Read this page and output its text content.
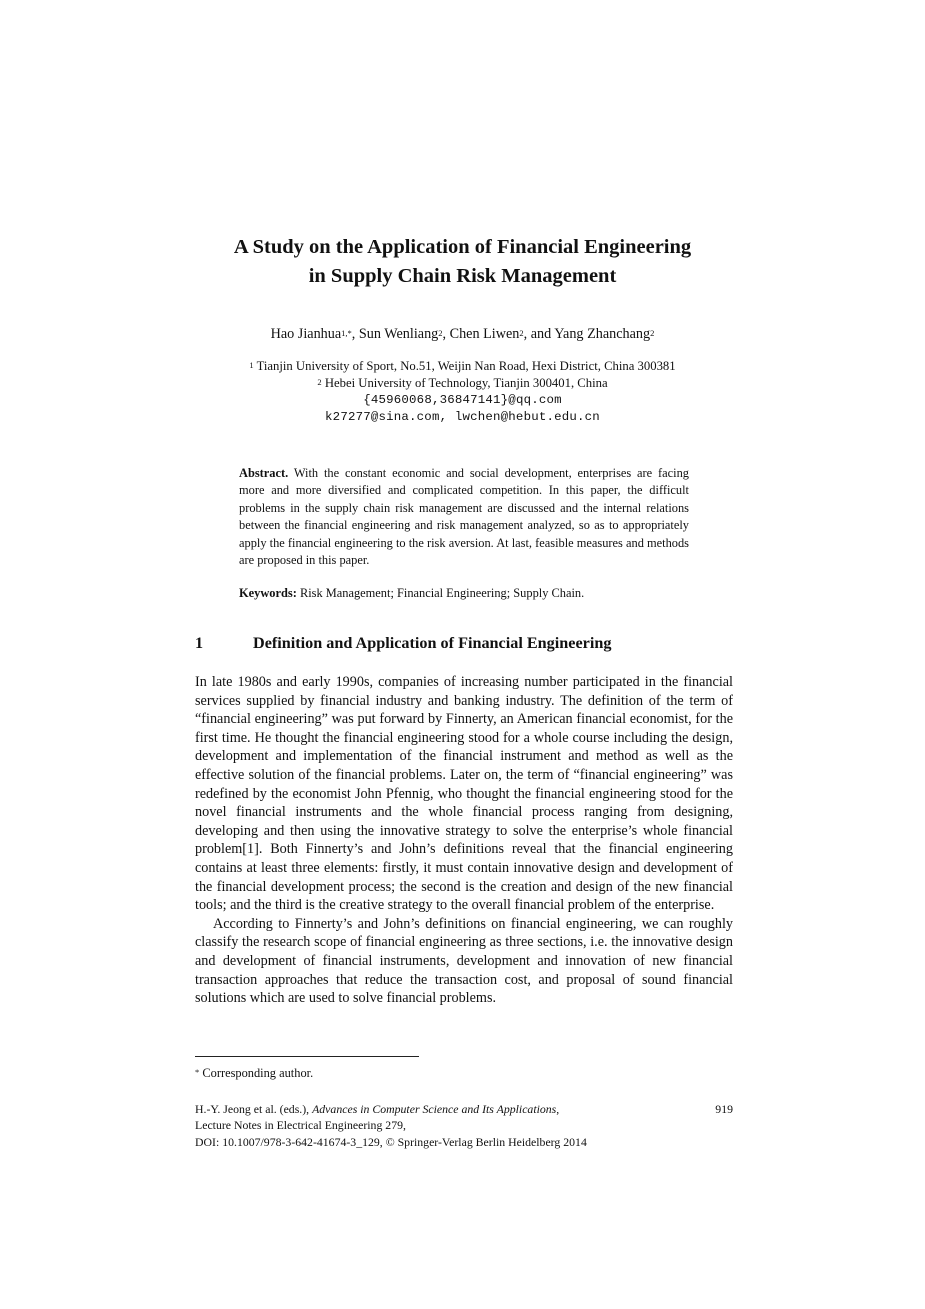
A Study on the Application of Financial Engineering
in Supply Chain Risk Management
Hao Jianhua$^{1,*}$, Sun Wenliang$^2$, Chen Liwen$^2$, and Yang Zhanchang$^2$
$^1$ Tianjin University of Sport, No.51, Weijin Nan Road, Hexi District, China 300381
$^2$ Hebei University of Technology, Tianjin 300401, China
{45960068,36847141}@qq.com
k27277@sina.com, lwchen@hebut.edu.cn
Abstract. With the constant economic and social development, enterprises are facing more and more diversified and complicated competition. In this paper, the difficult problems in the supply chain risk management are discussed and the internal relations between the financial engineering and risk management analyzed, so as to appropriately apply the financial engineering to the risk aversion. At last, feasible measures and methods are proposed in this paper.
Keywords: Risk Management; Financial Engineering; Supply Chain.
1	Definition and Application of Financial Engineering

In late 1980s and early 1990s, companies of increasing number participated in the financial services supplied by financial industry and banking industry. The definition of the term of “financial engineering” was put forward by Finnerty, an American financial economist, for the first time. He thought the financial engineering stood for a whole course including the design, development and implementation of the financial instrument and method as well as the effective solution of the financial problems. Later on, the term of “financial engineering” was redefined by the economist John Pfennig, who thought the financial engineering stood for the novel financial instruments and the whole financial process ranging from designing, developing and then using the innovative strategy to solve the enterprise’s whole financial problem[1]. Both Finnerty’s and John’s definitions reveal that the financial engineering contains at least three elements: firstly, it must contain innovative design and development of the financial development process; the second is the creation and design of the new financial tools; and the third is the creative strategy to the overall financial problem of the enterprise.

According to Finnerty’s and John’s definitions on financial engineering, we can roughly classify the research scope of financial engineering as three sections, i.e. the innovative design and development of financial instruments, development and innovation of new financial transaction approaches that reduce the transaction cost, and proposal of sound financial solutions which are used to solve financial problems.

* Corresponding author.
H.-Y. Jeong et al. (eds.), Advances in Computer Science and Its Applications,
Lecture Notes in Electrical Engineering 279,
DOI: 10.1007/978-3-642-41674-3_129, © Springer-Verlag Berlin Heidelberg 2014
919
